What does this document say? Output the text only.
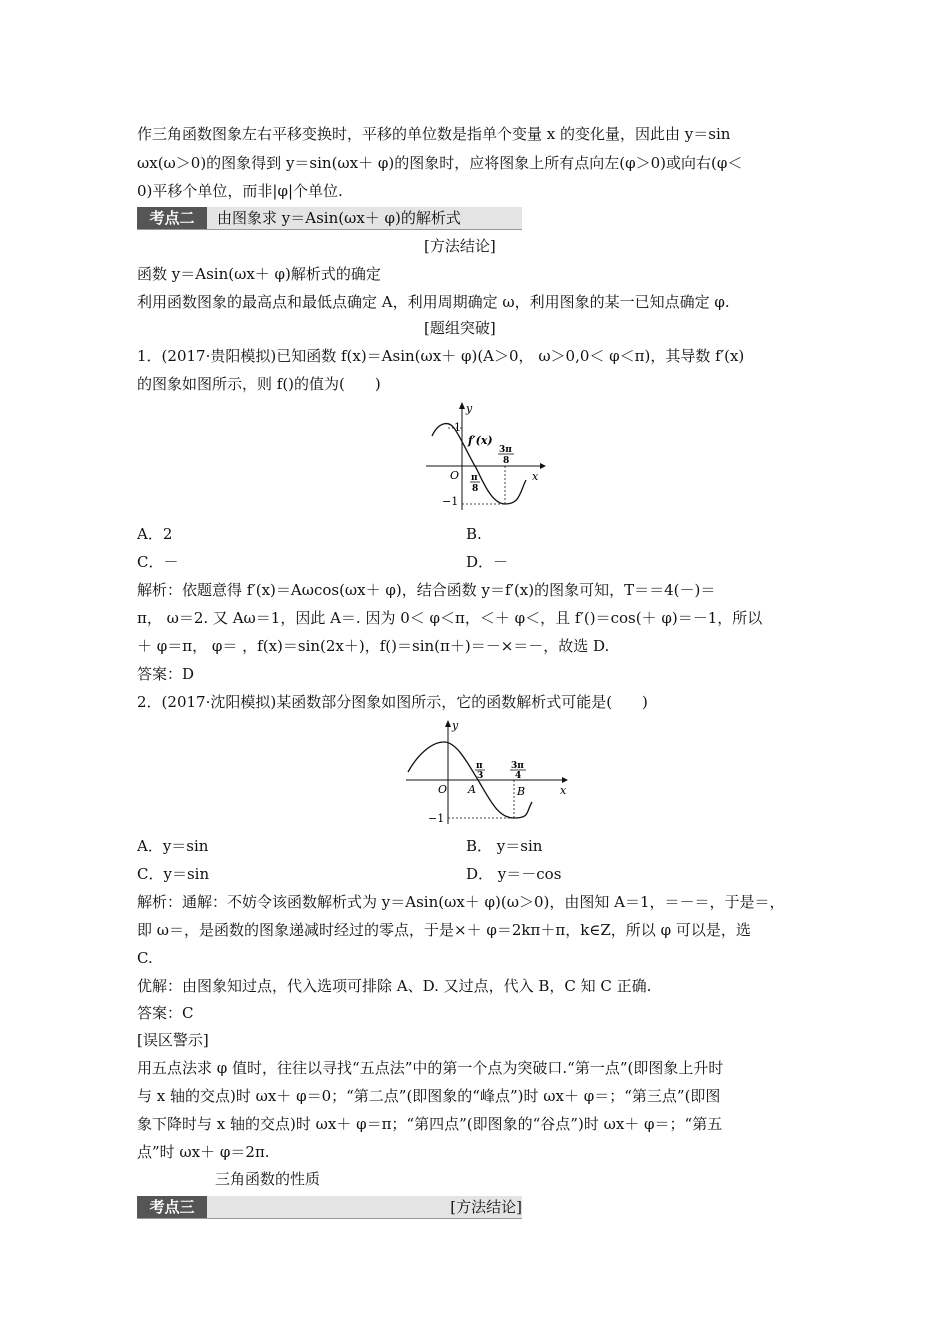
作三角函数图象左右平移变换时，平移的单位数是指单个变量 x 的变化量，因此由 y＝sin
ωx(ω＞0)的图象得到 y＝sin(ωx＋ φ)的图象时，应将图象上所有点向左(φ＞0)或向右(φ＜
0)平移个单位，而非|φ|个单位.
考点二	由图象求 y＝Asin(ωx＋ φ)的解析式
[方法结论]
函数 y＝Asin(ωx＋ φ)解析式的确定
利用函数图象的最高点和最低点确定 A，利用周期确定 ω，利用图象的某一已知点确定 φ.
[题组突破]
1．(2017·贵阳模拟)已知函数 f(x)＝Asin(ωx＋ φ)(A＞0， ω＞0,0＜ φ＜π)，其导数 f′(x)
的图象如图所示，则 f()的值为(　　)
y
x
O
1
−1
f′(x)
π
8
3π
8
A．2	B.
C．－	D．－
解析：依题意得 f′(x)＝Aωcos(ωx＋ φ)，结合函数 y＝f′(x)的图象可知，T＝＝4(－)＝
π， ω＝2. 又 Aω＝1，因此 A＝. 因为 0＜ φ＜π，＜＋ φ＜，且 f′()＝cos(＋ φ)＝－1，所以
＋ φ＝π， φ＝ ，f(x)＝sin(2x＋)，f()＝sin(π＋)＝－×＝－，故选 D.
答案：D
2．(2017·沈阳模拟)某函数部分图象如图所示，它的函数解析式可能是(　　)
y
x
O
−1
π
3
3π
4
A	B
A．y＝sin	B． y＝sin
C．y＝sin	D． y＝－cos
解析：通解：不妨令该函数解析式为 y＝Asin(ωx＋ φ)(ω＞0)，由图知 A＝1，＝－＝，于是＝，
即 ω＝，是函数的图象递减时经过的零点，于是×＋ φ＝2kπ＋π，k∈Z，所以 φ 可以是，选
C.
优解：由图象知过点，代入选项可排除 A、D. 又过点，代入 B，C 知 C 正确.
答案：C
[误区警示]
用五点法求 φ 值时，往往以寻找“五点法”中的第一个点为突破口.“第一点”(即图象上升时
与 x 轴的交点)时 ωx＋ φ＝0；“第二点”(即图象的“峰点”)时 ωx＋ φ＝；“第三点”(即图
象下降时与 x 轴的交点)时 ωx＋ φ＝π；“第四点”(即图象的“谷点”)时 ωx＋ φ＝；“第五
点”时 ωx＋ φ＝2π.
三角函数的性质
考点三	[方法结论]
